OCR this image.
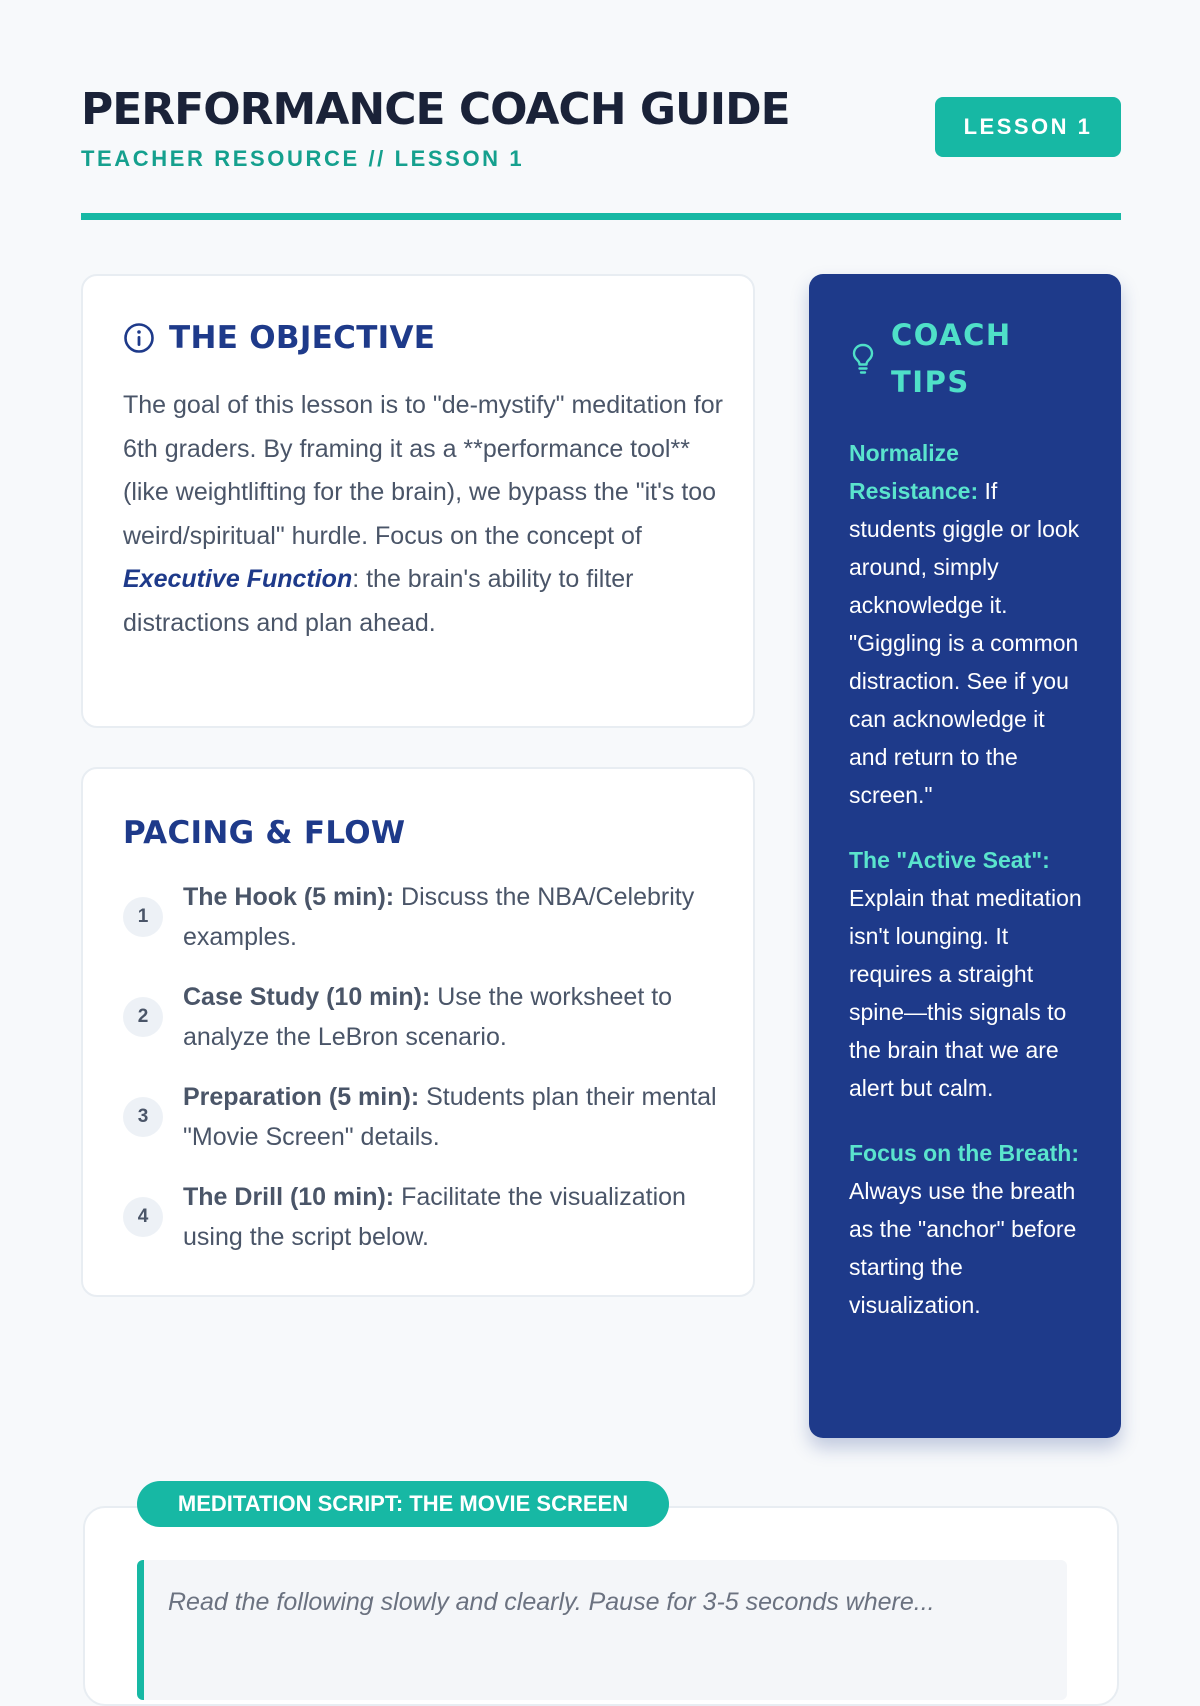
PERFORMANCE COACH GUIDE
TEACHER RESOURCE // LESSON 1
LESSON 1
THE OBJECTIVE

The goal of this lesson is to "de-mystify" meditation for 6th graders. By framing it as a **performance tool** (like weightlifting for the brain), we bypass the "it's too weird/spiritual" hurdle. Focus on the concept of Executive Function: the brain's ability to filter distractions and plan ahead.

PACING & FLOW
1
The Hook (5 min): Discuss the NBA/Celebrity examples.
2
Case Study (10 min): Use the worksheet to analyze the LeBron scenario.
3
Preparation (5 min): Students plan their mental "Movie Screen" details.
4
The Drill (10 min): Facilitate the visualization using the script below.
COACH TIPS

Normalize Resistance: If students giggle or look around, simply acknowledge it. "Giggling is a common distraction. See if you can acknowledge it and return to the screen."

The "Active Seat": Explain that meditation isn't lounging. It requires a straight spine—this signals to the brain that we are alert but calm.

Focus on the Breath: Always use the breath as the "anchor" before starting the visualization.

Read the following slowly and clearly. Pause for 3-5 seconds where...

MEDITATION SCRIPT: THE MOVIE SCREEN
